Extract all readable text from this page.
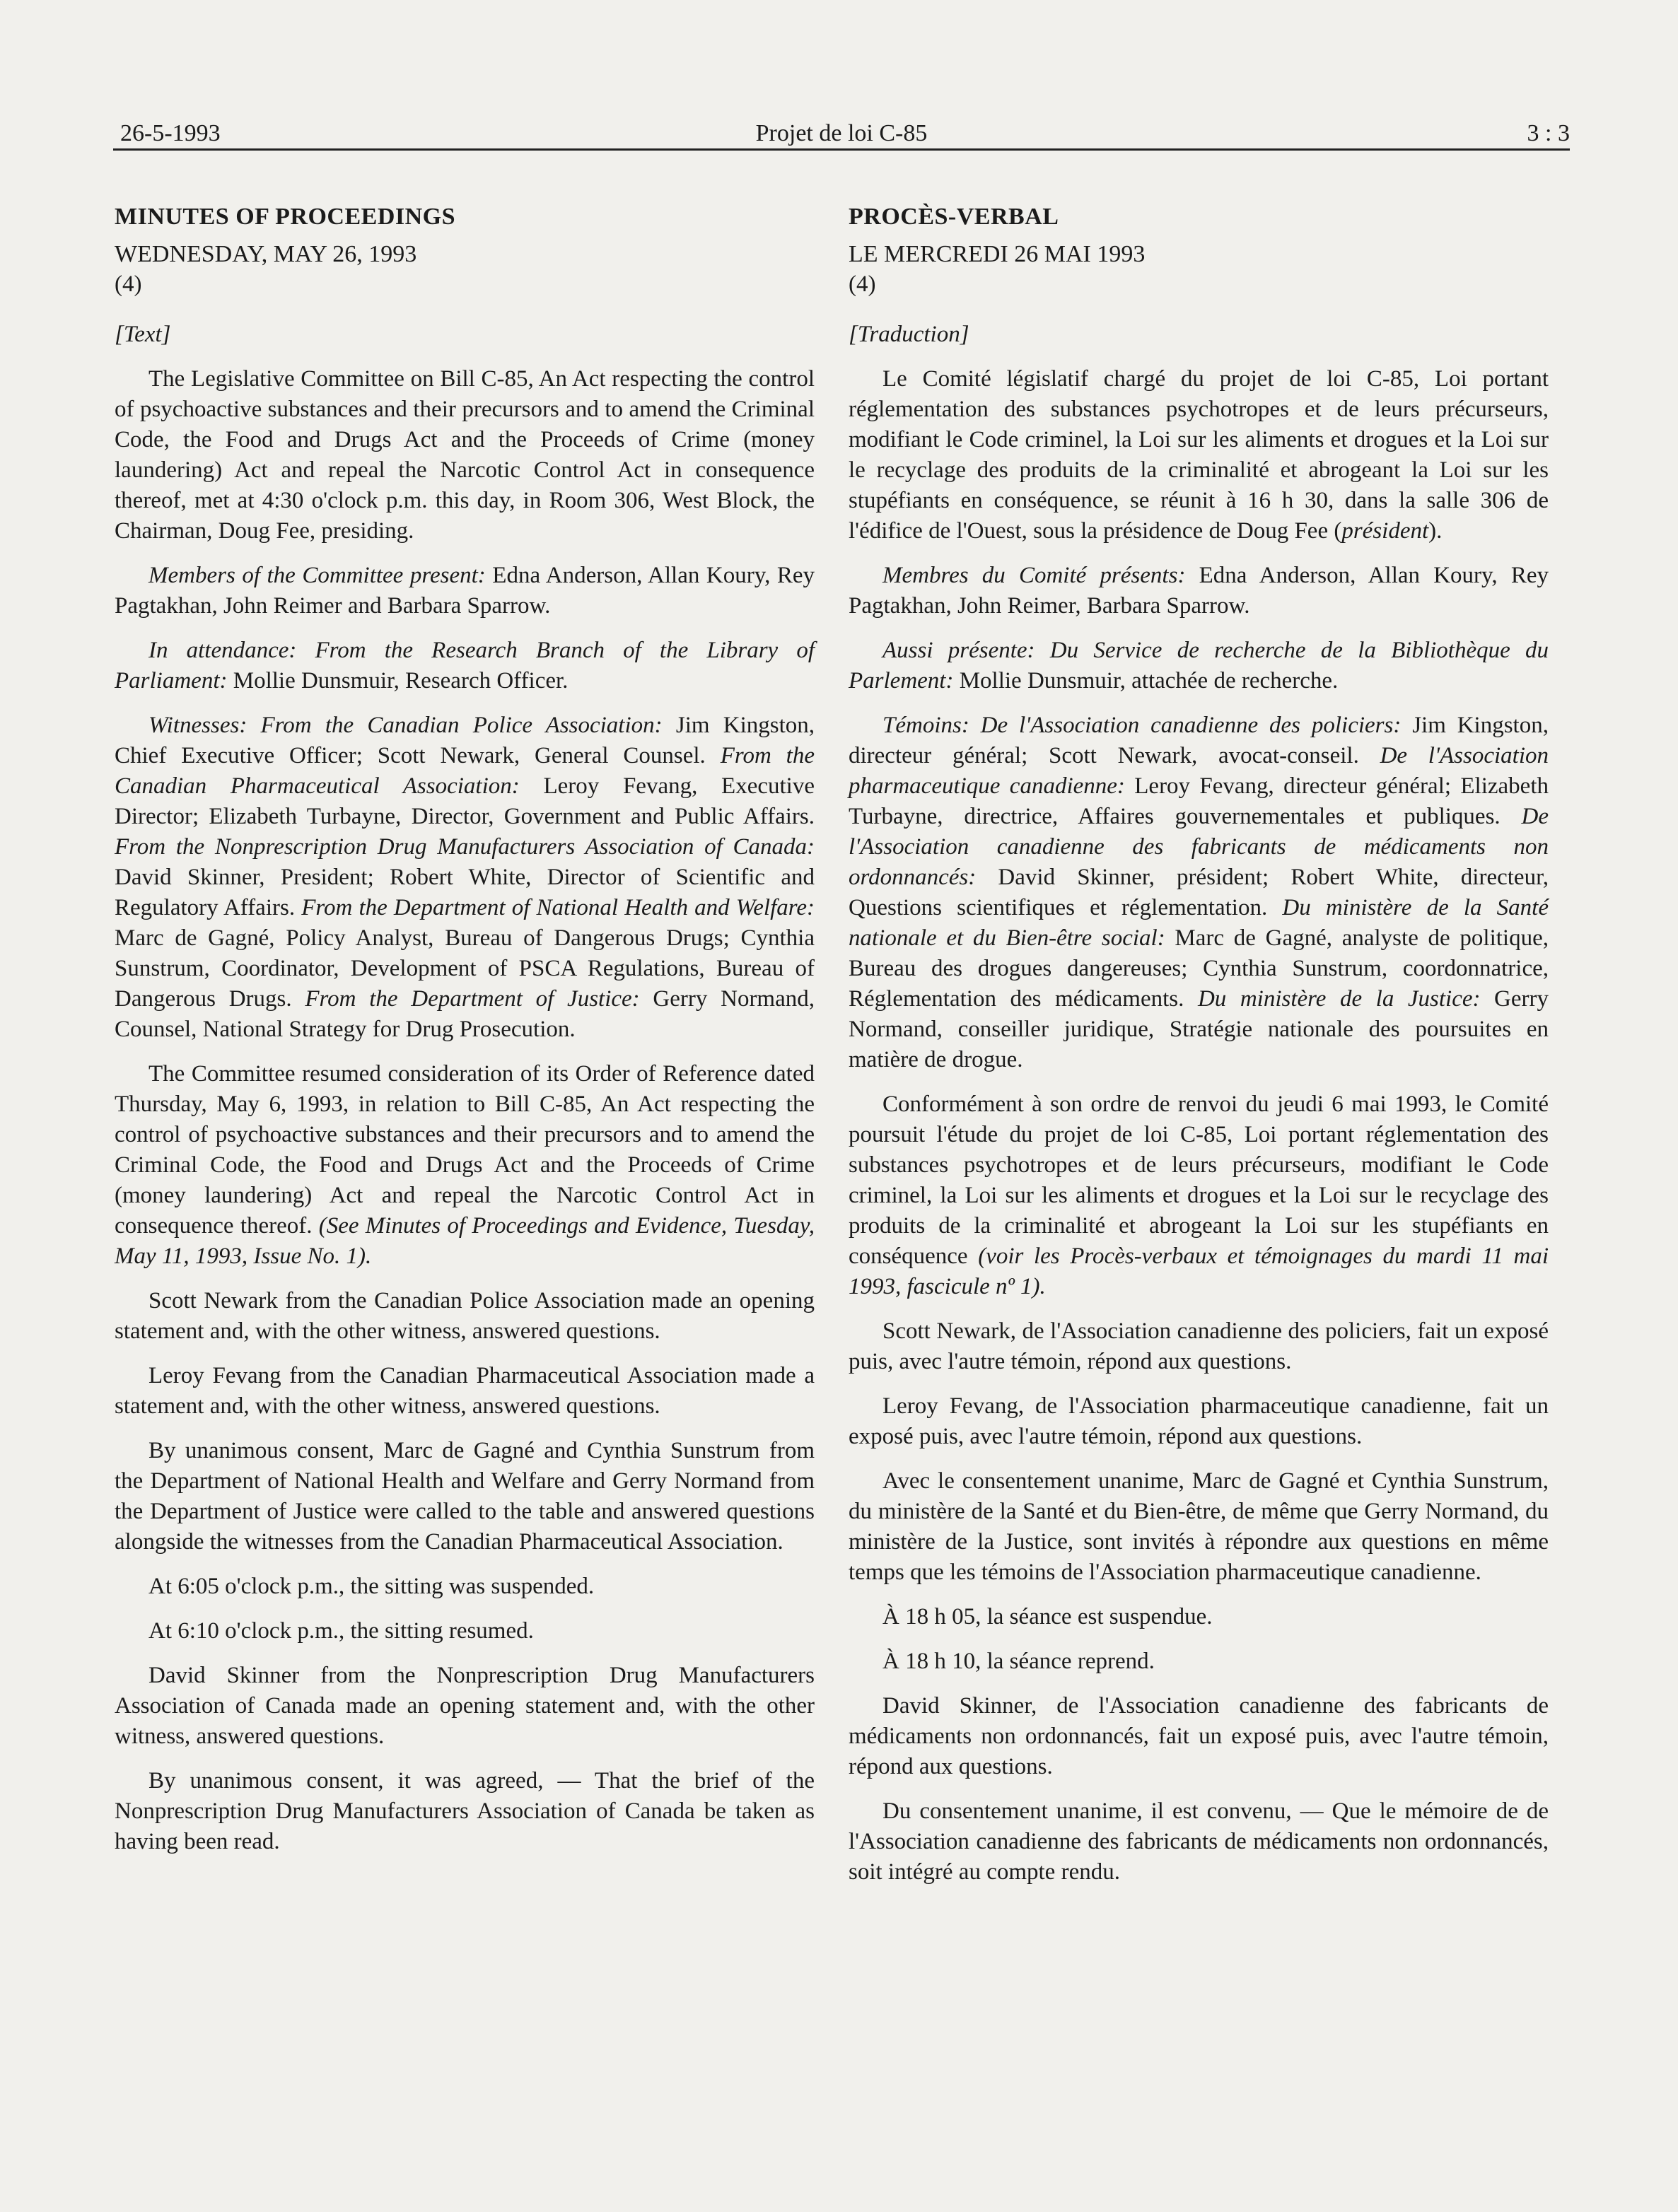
26-5-1993	Projet de loi C-85	3 : 3

MINUTES OF PROCEEDINGS

WEDNESDAY, MAY 26, 1993

(4)

[Text]

The Legislative Committee on Bill C-85, An Act respecting the control of psychoactive substances and their precursors and to amend the Criminal Code, the Food and Drugs Act and the Proceeds of Crime (money laundering) Act and repeal the Narcotic Control Act in consequence thereof, met at 4:30 o'clock p.m. this day, in Room 306, West Block, the Chairman, Doug Fee, presiding.

Members of the Committee present: Edna Anderson, Allan Koury, Rey Pagtakhan, John Reimer and Barbara Sparrow.

In attendance: From the Research Branch of the Library of Parliament: Mollie Dunsmuir, Research Officer.

Witnesses: From the Canadian Police Association: Jim Kingston, Chief Executive Officer; Scott Newark, General Counsel. From the Canadian Pharmaceutical Association: Leroy Fevang, Executive Director; Elizabeth Turbayne, Director, Government and Public Affairs. From the Nonprescription Drug Manufacturers Association of Canada: David Skinner, President; Robert White, Director of Scientific and Regulatory Affairs. From the Department of National Health and Welfare: Marc de Gagné, Policy Analyst, Bureau of Dangerous Drugs; Cynthia Sunstrum, Coordinator, Development of PSCA Regulations, Bureau of Dangerous Drugs. From the Department of Justice: Gerry Normand, Counsel, National Strategy for Drug Prosecution.

The Committee resumed consideration of its Order of Reference dated Thursday, May 6, 1993, in relation to Bill C-85, An Act respecting the control of psychoactive substances and their precursors and to amend the Criminal Code, the Food and Drugs Act and the Proceeds of Crime (money laundering) Act and repeal the Narcotic Control Act in consequence thereof. (See Minutes of Proceedings and Evidence, Tuesday, May 11, 1993, Issue No. 1).

Scott Newark from the Canadian Police Association made an opening statement and, with the other witness, answered questions.

Leroy Fevang from the Canadian Pharmaceutical Association made a statement and, with the other witness, answered questions.

By unanimous consent, Marc de Gagné and Cynthia Sunstrum from the Department of National Health and Welfare and Gerry Normand from the Department of Justice were called to the table and answered questions alongside the witnesses from the Canadian Pharmaceutical Association.

At 6:05 o'clock p.m., the sitting was suspended.

At 6:10 o'clock p.m., the sitting resumed.

David Skinner from the Nonprescription Drug Manufacturers Association of Canada made an opening statement and, with the other witness, answered questions.

By unanimous consent, it was agreed, — That the brief of the Nonprescription Drug Manufacturers Association of Canada be taken as having been read.

PROCÈS-VERBAL

LE MERCREDI 26 MAI 1993

(4)

[Traduction]

Le Comité législatif chargé du projet de loi C-85, Loi portant réglementation des substances psychotropes et de leurs précurseurs, modifiant le Code criminel, la Loi sur les aliments et drogues et la Loi sur le recyclage des produits de la criminalité et abrogeant la Loi sur les stupéfiants en conséquence, se réunit à 16 h 30, dans la salle 306 de l'édifice de l'Ouest, sous la présidence de Doug Fee (président).

Membres du Comité présents: Edna Anderson, Allan Koury, Rey Pagtakhan, John Reimer, Barbara Sparrow.

Aussi présente: Du Service de recherche de la Bibliothèque du Parlement: Mollie Dunsmuir, attachée de recherche.

Témoins: De l'Association canadienne des policiers: Jim Kingston, directeur général; Scott Newark, avocat-conseil. De l'Association pharmaceutique canadienne: Leroy Fevang, directeur général; Elizabeth Turbayne, directrice, Affaires gouvernementales et publiques. De l'Association canadienne des fabricants de médicaments non ordonnancés: David Skinner, président; Robert White, directeur, Questions scientifiques et réglementation. Du ministère de la Santé nationale et du Bien-être social: Marc de Gagné, analyste de politique, Bureau des drogues dangereuses; Cynthia Sunstrum, coordonnatrice, Réglementation des médicaments. Du ministère de la Justice: Gerry Normand, conseiller juridique, Stratégie nationale des poursuites en matière de drogue.

Conformément à son ordre de renvoi du jeudi 6 mai 1993, le Comité poursuit l'étude du projet de loi C-85, Loi portant réglementation des substances psychotropes et de leurs précurseurs, modifiant le Code criminel, la Loi sur les aliments et drogues et la Loi sur le recyclage des produits de la criminalité et abrogeant la Loi sur les stupéfiants en conséquence (voir les Procès-verbaux et témoignages du mardi 11 mai 1993, fascicule nº 1).

Scott Newark, de l'Association canadienne des policiers, fait un exposé puis, avec l'autre témoin, répond aux questions.

Leroy Fevang, de l'Association pharmaceutique canadienne, fait un exposé puis, avec l'autre témoin, répond aux questions.

Avec le consentement unanime, Marc de Gagné et Cynthia Sunstrum, du ministère de la Santé et du Bien-être, de même que Gerry Normand, du ministère de la Justice, sont invités à répondre aux questions en même temps que les témoins de l'Association pharmaceutique canadienne.

À 18 h 05, la séance est suspendue.

À 18 h 10, la séance reprend.

David Skinner, de l'Association canadienne des fabricants de médicaments non ordonnancés, fait un exposé puis, avec l'autre témoin, répond aux questions.

Du consentement unanime, il est convenu, — Que le mémoire de de l'Association canadienne des fabricants de médicaments non ordonnancés, soit intégré au compte rendu.
